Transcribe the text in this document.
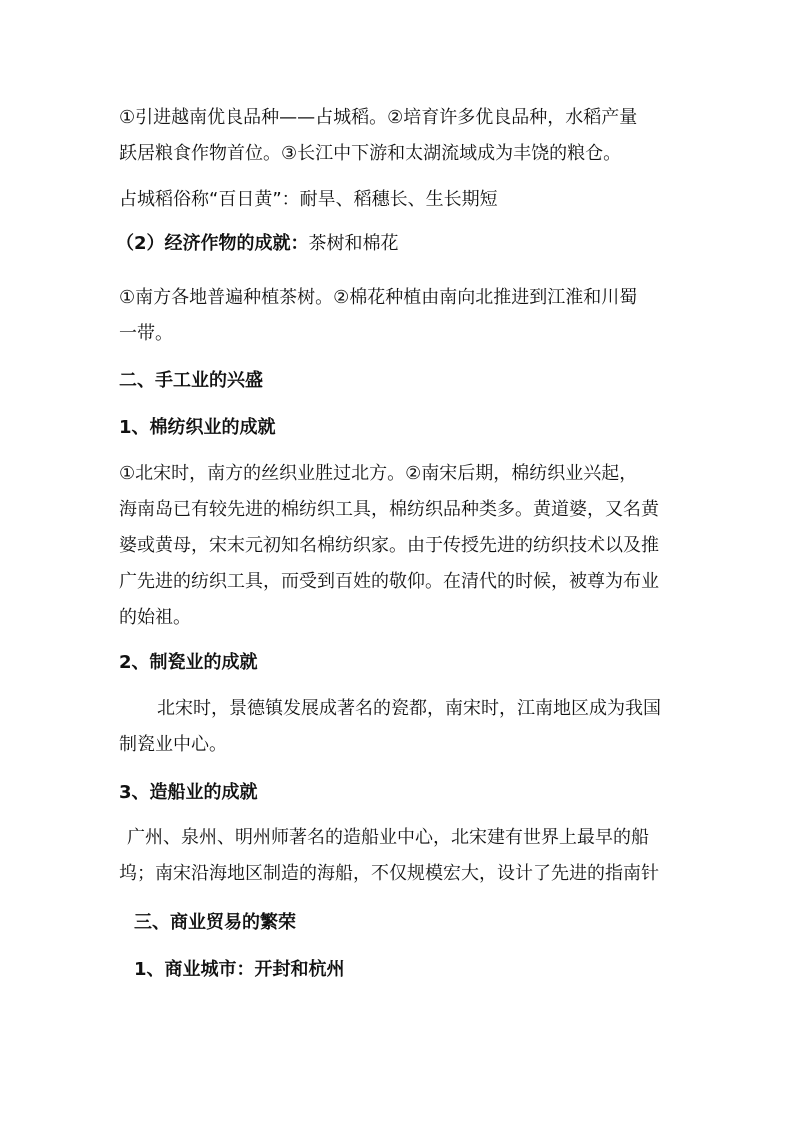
①引进越南优良品种——占城稻。②培育许多优良品种，水稻产量
跃居粮食作物首位。③长江中下游和太湖流域成为丰饶的粮仓。
占城稻俗称“百日黄”：耐旱、稻穗长、生长期短
（2）经济作物的成就：茶树和棉花
①南方各地普遍种植茶树。②棉花种植由南向北推进到江淮和川蜀
一带。
二、手工业的兴盛
1、棉纺织业的成就
①北宋时，南方的丝织业胜过北方。②南宋后期，棉纺织业兴起，
海南岛已有较先进的棉纺织工具，棉纺织品种类多。黄道婆，又名黄
婆或黄母，宋末元初知名棉纺织家。由于传授先进的纺织技术以及推
广先进的纺织工具，而受到百姓的敬仰。在清代的时候，被尊为布业
的始祖。
2、制瓷业的成就
北宋时，景德镇发展成著名的瓷都，南宋时，江南地区成为我国
制瓷业中心。
3、造船业的成就
广州、泉州、明州师著名的造船业中心，北宋建有世界上最早的船
坞；南宋沿海地区制造的海船，不仅规模宏大，设计了先进的指南针
三、商业贸易的繁荣
1、商业城市：开封和杭州
